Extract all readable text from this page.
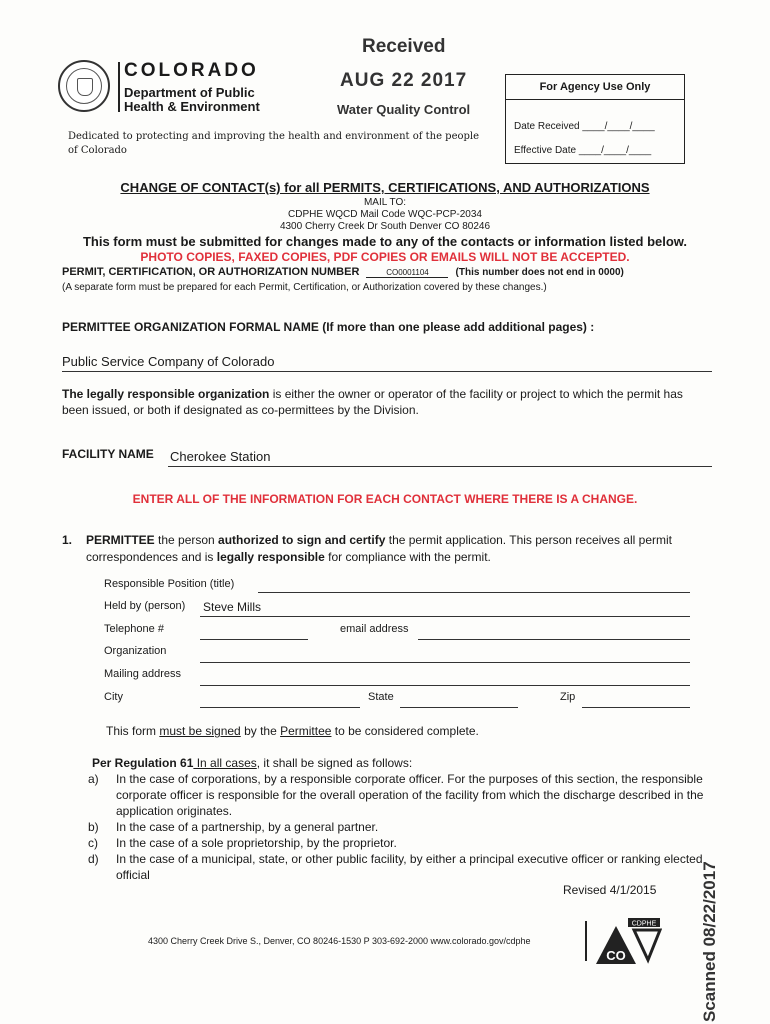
COLORADO
Department of Public
Health & Environment
Dedicated to protecting and improving the health and environment of the people of Colorado
Received
AUG 22 2017
Water Quality Control
For Agency Use Only
Date Received ____/____/____
Effective Date ____/____/____
CHANGE OF CONTACT(s) for all PERMITS, CERTIFICATIONS, AND AUTHORIZATIONS
MAIL TO:
CDPHE WQCD Mail Code WQC-PCP-2034
4300 Cherry Creek Dr South Denver CO 80246
This form must be submitted for changes made to any of the contacts or information listed below.
PHOTO COPIES, FAXED COPIES, PDF COPIES OR EMAILS WILL NOT BE ACCEPTED.
PERMIT, CERTIFICATION, OR AUTHORIZATION NUMBER	CO0001104	(This number does not end in 0000)
(A separate form must be prepared for each Permit, Certification, or Authorization covered by these changes.)
PERMITTEE ORGANIZATION FORMAL NAME (If more than one please add additional pages) :
Public Service Company of Colorado
The legally responsible organization is either the owner or operator of the facility or project to which the permit has been issued, or both if designated as co-permittees by the Division.
FACILITY NAME Cherokee Station
ENTER ALL OF THE INFORMATION FOR EACH CONTACT WHERE THERE IS A CHANGE.
1. PERMITTEE the person authorized to sign and certify the permit application. This person receives all permit correspondences and is legally responsible for compliance with the permit.
Responsible Position (title)
Held by (person) Steve Mills
Telephone #	email address
Organization
Mailing address
City	State	Zip
This form must be signed by the Permittee to be considered complete.
Per Regulation 61 In all cases, it shall be signed as follows:
a) In the case of corporations, by a responsible corporate officer. For the purposes of this section, the responsible corporate officer is responsible for the overall operation of the facility from which the discharge described in the application originates.
b) In the case of a partnership, by a general partner.
c) In the case of a sole proprietorship, by the proprietor.
d) In the case of a municipal, state, or other public facility, by either a principal executive officer or ranking elected official
Revised 4/1/2015
4300 Cherry Creek Drive S., Denver, CO 80246-1530 P 303-692-2000 www.colorado.gov/cdphe
CDPHE
CO	Scanned 08/22/2017
